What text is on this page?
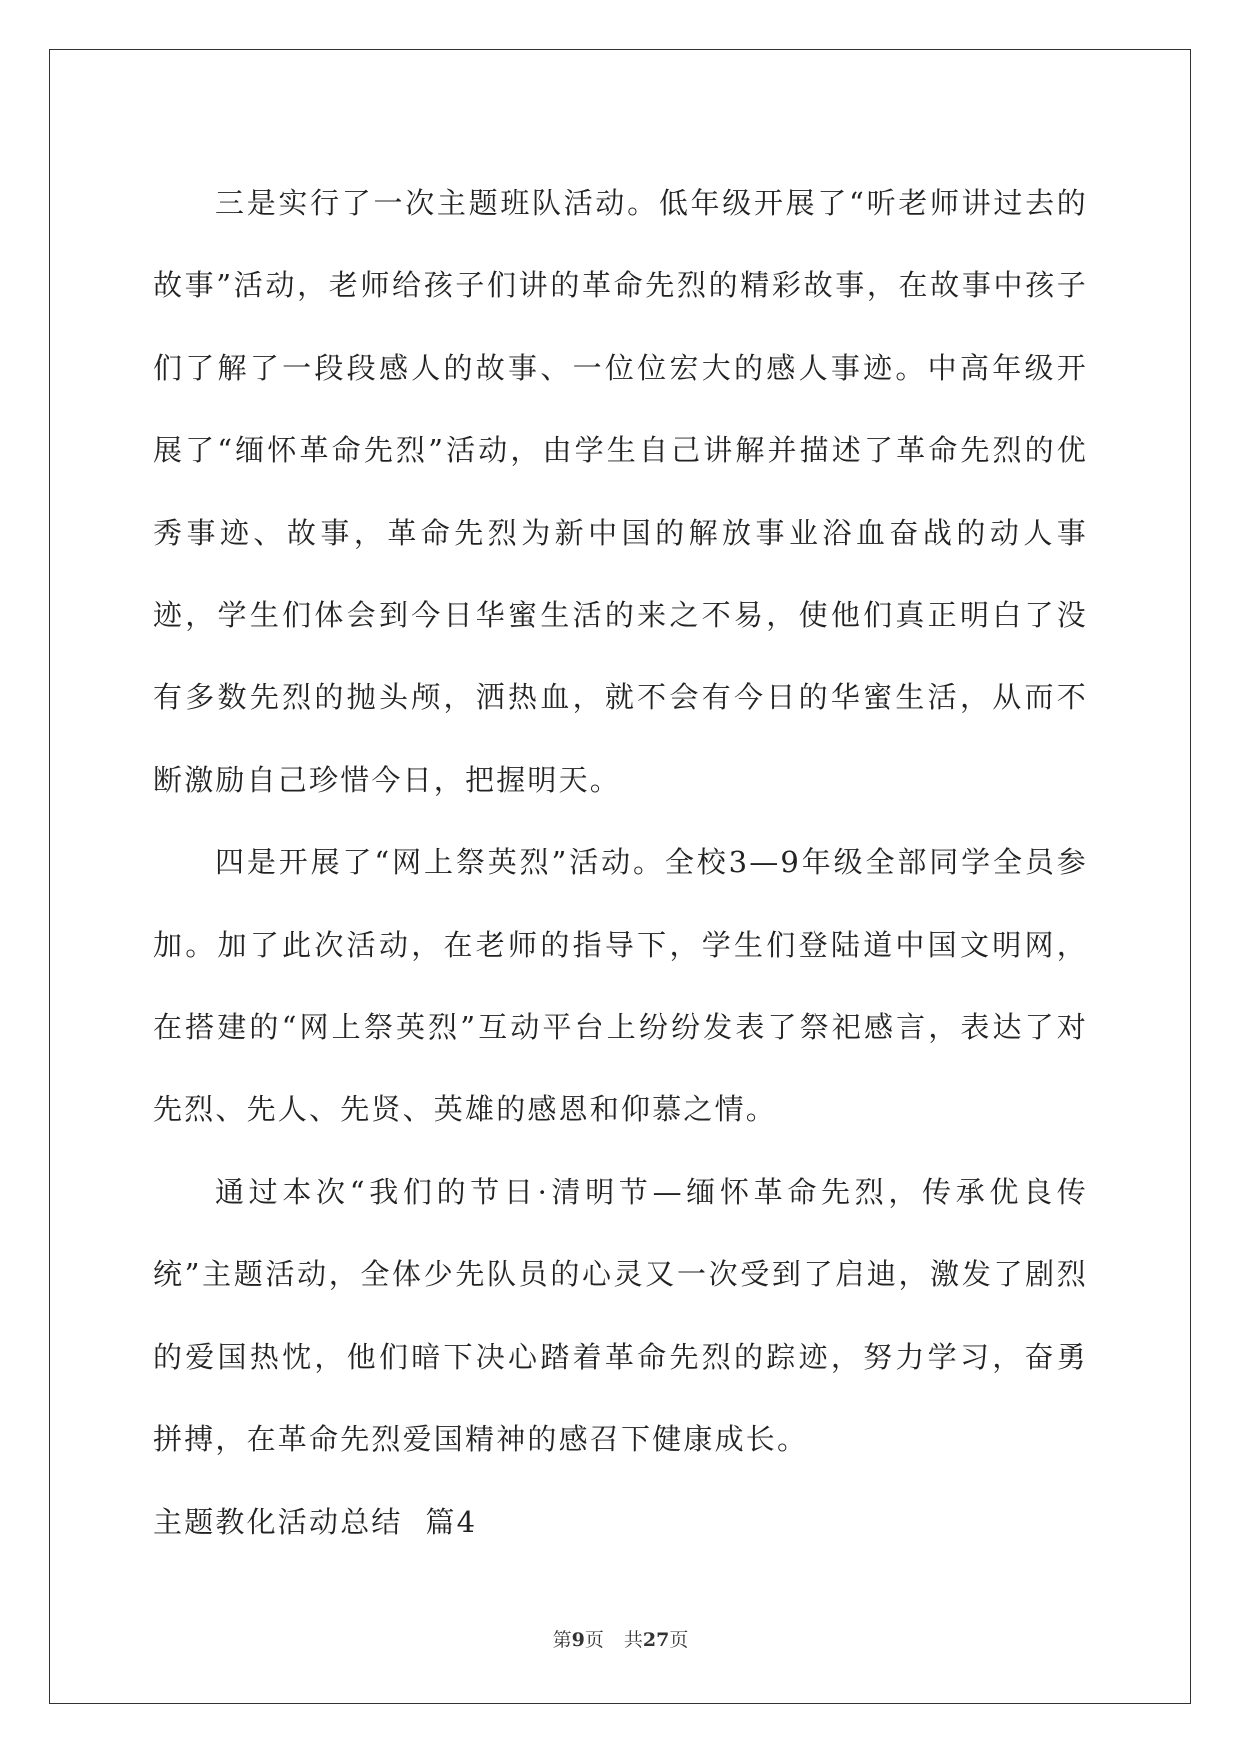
三是实行了一次主题班队活动。低年级开展了“听老师讲过去的故事”活动，老师给孩子们讲的革命先烈的精彩故事，在故事中孩子们了解了一段段感人的故事、一位位宏大的感人事迹。中高年级开展了“缅怀革命先烈”活动，由学生自己讲解并描述了革命先烈的优秀事迹、故事，革命先烈为新中国的解放事业浴血奋战的动人事迹，学生们体会到今日华蜜生活的来之不易，使他们真正明白了没有多数先烈的抛头颅，洒热血，就不会有今日的华蜜生活，从而不断激励自己珍惜今日，把握明天。

四是开展了“网上祭英烈”活动。全校3—9年级全部同学全员参加。加了此次活动，在老师的指导下，学生们登陆道中国文明网，在搭建的“网上祭英烈”互动平台上纷纷发表了祭祀感言，表达了对先烈、先人、先贤、英雄的感恩和仰慕之情。

通过本次“我们的节日·清明节—缅怀革命先烈，传承优良传统”主题活动，全体少先队员的心灵又一次受到了启迪，激发了剧烈的爱国热忱，他们暗下决心踏着革命先烈的踪迹，努力学习，奋勇拼搏，在革命先烈爱国精神的感召下健康成长。

主题教化活动总结  篇4

第9页 共27页
